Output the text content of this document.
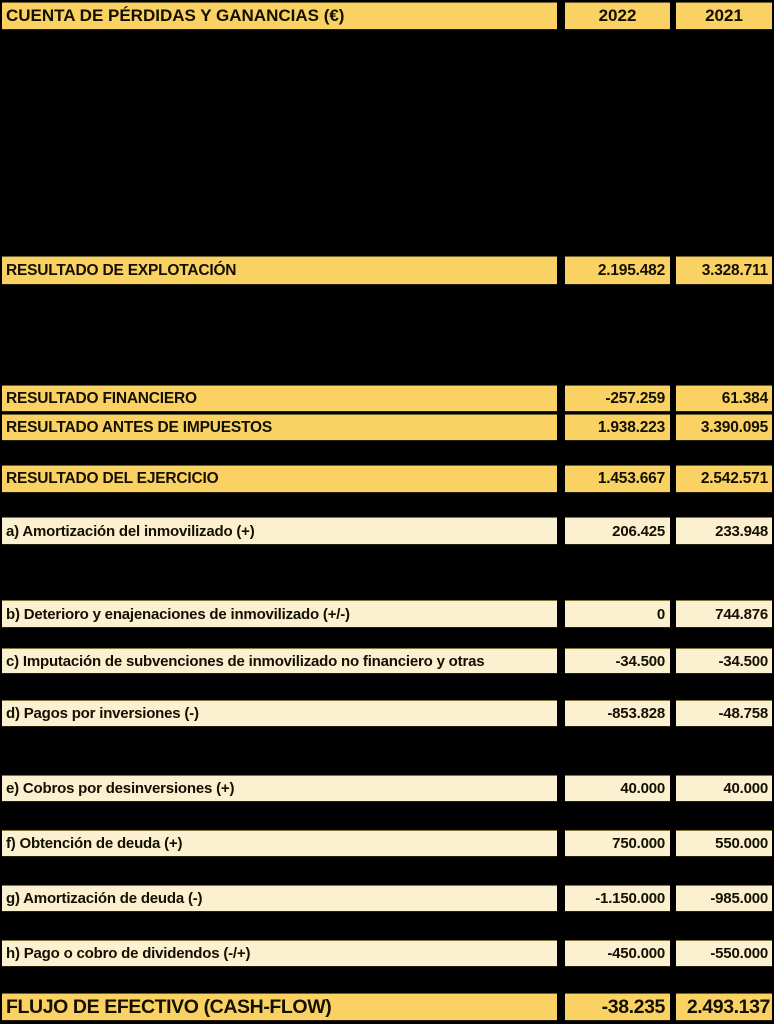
CUENTA DE PÉRDIDAS Y GANANCIAS (€)	2022	2021
RESULTADO DE EXPLOTACIÓN	2.195.482	3.328.711
RESULTADO FINANCIERO	-257.259	61.384
RESULTADO ANTES DE IMPUESTOS	1.938.223	3.390.095
RESULTADO DEL EJERCICIO	1.453.667	2.542.571
a) Amortización del inmovilizado (+)	206.425	233.948
b) Deterioro y enajenaciones de inmovilizado (+/-)	0	744.876
c) Imputación de subvenciones de inmovilizado no financiero y otras	-34.500	-34.500
d) Pagos por inversiones (-)	-853.828	-48.758
e) Cobros por desinversiones (+)	40.000	40.000
f) Obtención de deuda (+)	750.000	550.000
g) Amortización de deuda (-)	-1.150.000	-985.000
h) Pago o cobro de dividendos (-/+)	-450.000	-550.000
FLUJO DE EFECTIVO (CASH-FLOW)	-38.235	2.493.137
